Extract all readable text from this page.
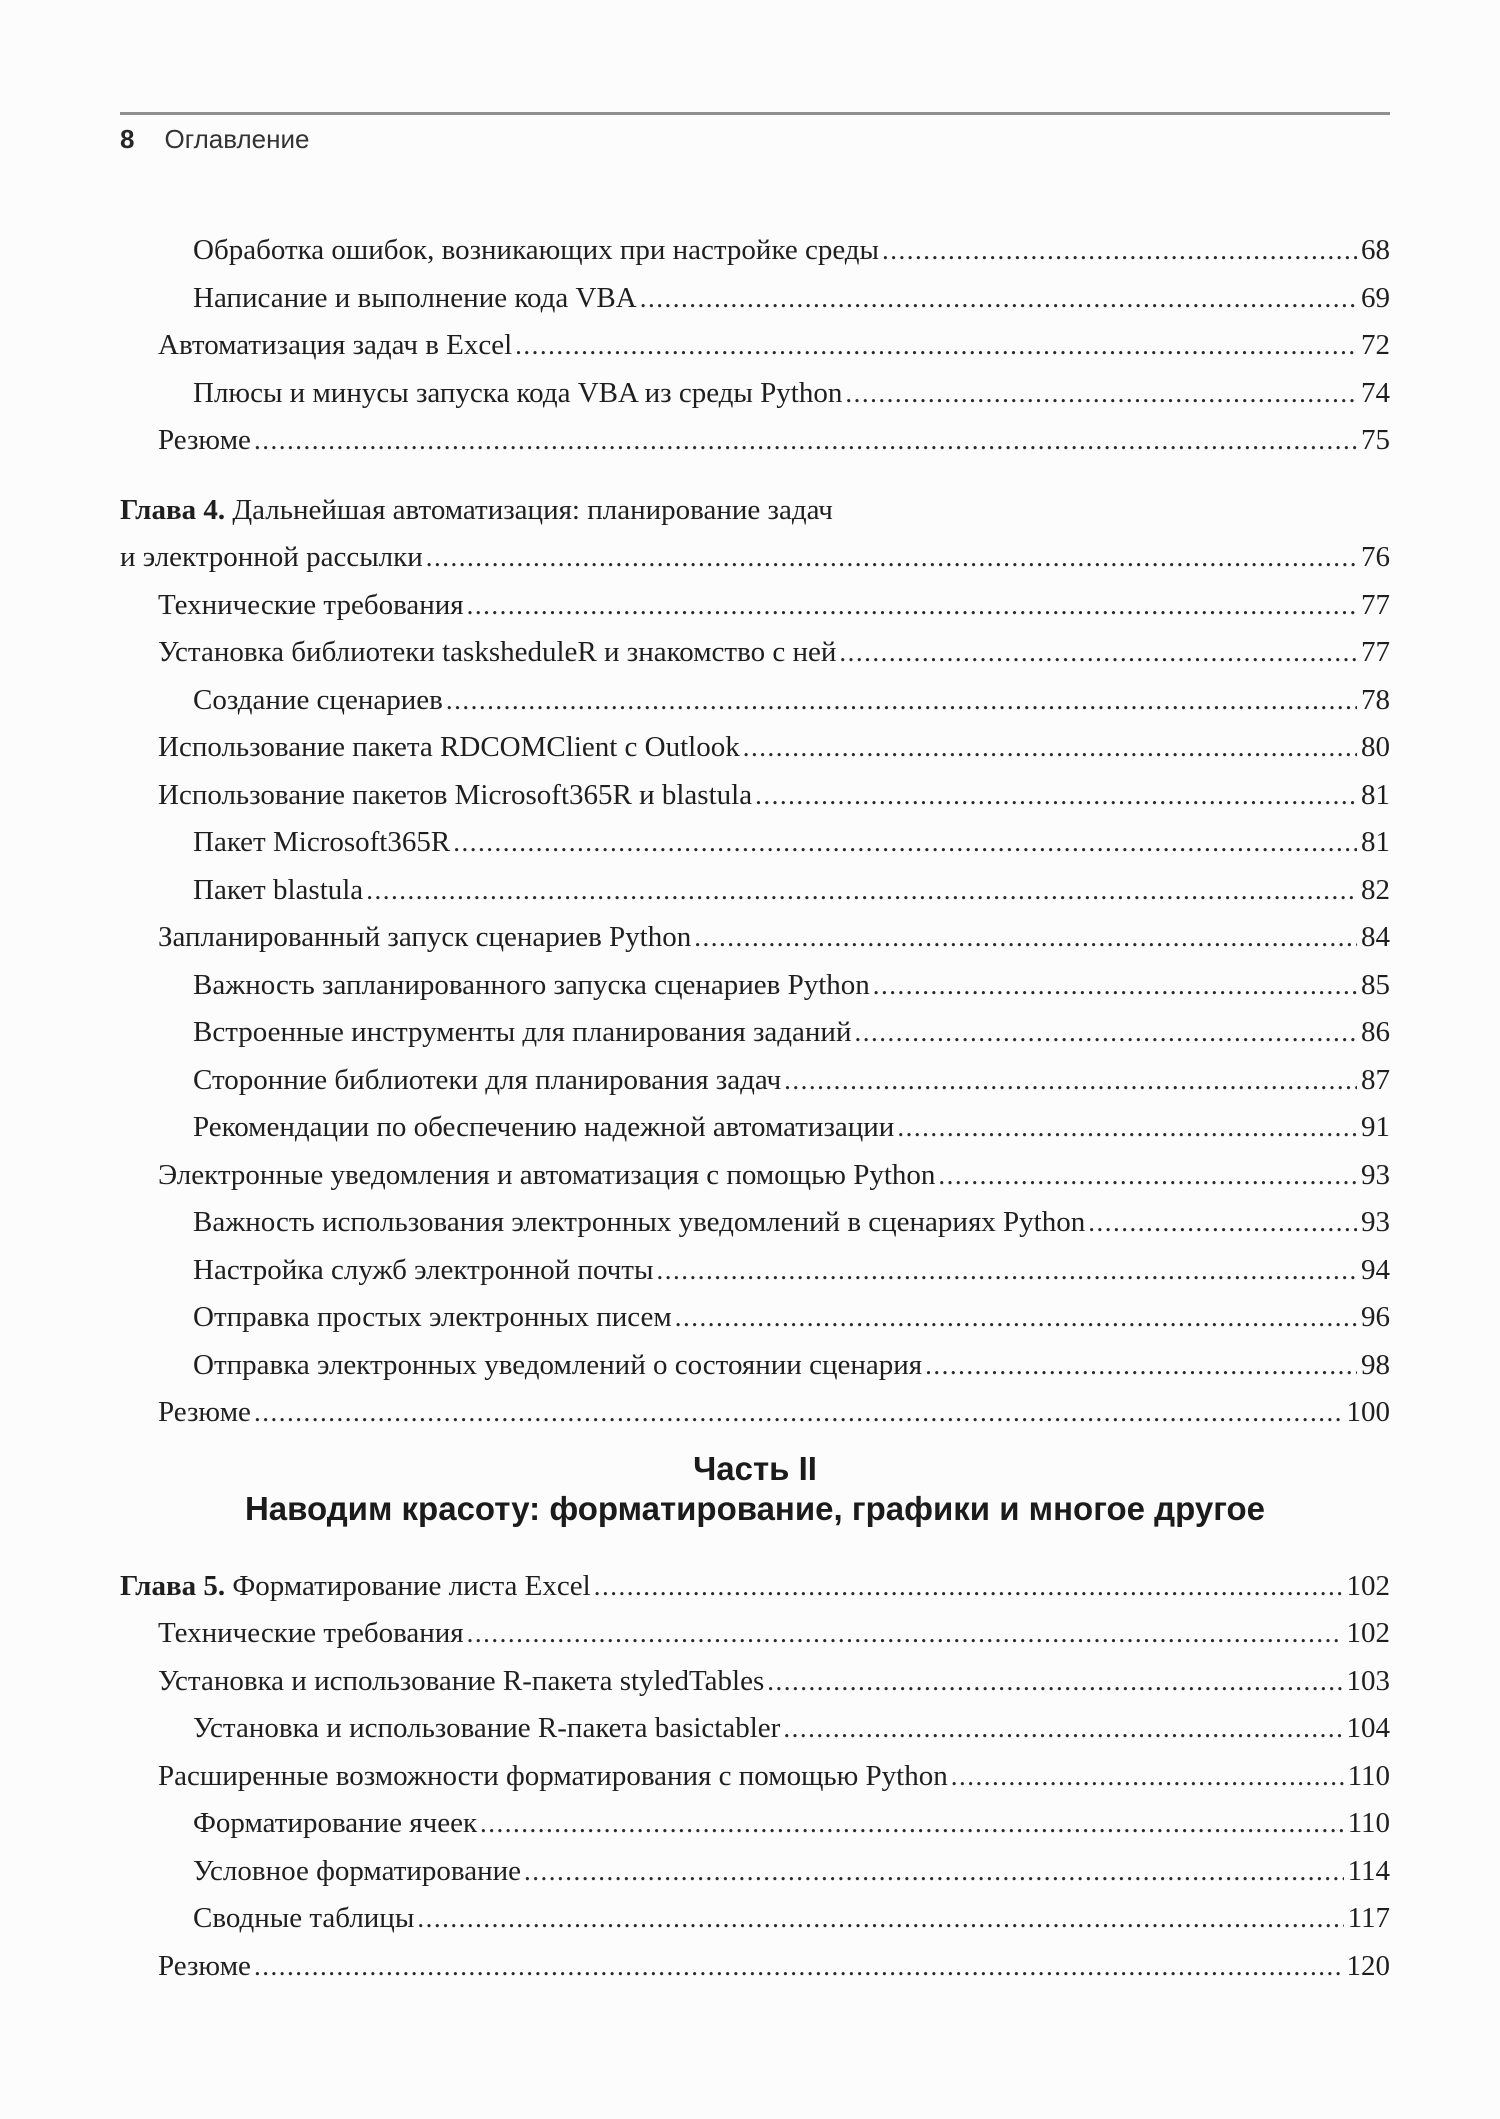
8 Оглавление
Обработка ошибок, возникающих при настройке среды .....	68
Написание и выполнение кода VBA .....	69
Автоматизация задач в Excel .....	72
Плюсы и минусы запуска кода VBA из среды Python .....	74
Резюме .....	75
Глава 4. Дальнейшая автоматизация: планирование задач
и электронной рассылки .....	76
Технические требования .....	77
Установка библиотеки tasksheduleR и знакомство с ней .....	77
Создание сценариев .....	78
Использование пакета RDCOMClient с Outlook .....	80
Использование пакетов Microsoft365R и blastula .....	81
Пакет Microsoft365R .....	81
Пакет blastula .....	82
Запланированный запуск сценариев Python .....	84
Важность запланированного запуска сценариев Python .....	85
Встроенные инструменты для планирования заданий .....	86
Сторонние библиотеки для планирования задач .....	87
Рекомендации по обеспечению надежной автоматизации .....	91
Электронные уведомления и автоматизация с помощью Python .....	93
Важность использования электронных уведомлений в сценариях Python .....	93
Настройка служб электронной почты .....	94
Отправка простых электронных писем .....	96
Отправка электронных уведомлений о состоянии сценария .....	98
Резюме .....	100
Часть II
Наводим красоту: форматирование, графики и многое другое
Глава 5. Форматирование листа Excel .....	102
Технические требования .....	102
Установка и использование R-пакета styledTables .....	103
Установка и использование R-пакета basictabler .....	104
Расширенные возможности форматирования с помощью Python .....	110
Форматирование ячеек .....	110
Условное форматирование .....	114
Сводные таблицы .....	117
Резюме .....	120
